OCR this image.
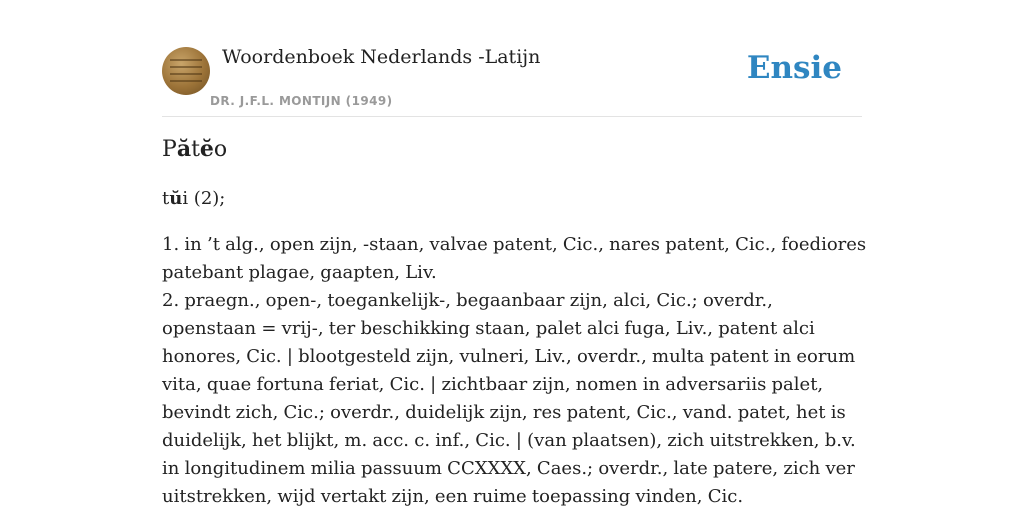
Woordenboek Nederlands -Latijn
DR. J.F.L. MONTIJN (1949)
Ensie
Pătĕo

tŭi (2);

1. in ’t alg., open zijn, -staan, valvae patent, Cic., nares patent, Cic., foediores patebant plagae, gaapten, Liv.
2. praegn., open-, toegankelijk-, begaanbaar zijn, alci, Cic.; overdr., openstaan = vrij-, ter beschikking staan, palet alci fuga, Liv., patent alci honores, Cic. | blootgesteld zijn, vulneri, Liv., overdr., multa patent in eorum vita, quae fortuna feriat, Cic. | zichtbaar zijn, nomen in adversariis palet, bevindt zich, Cic.; overdr., duidelijk zijn, res patent, Cic., vand. patet, het is duidelijk, het blijkt, m. acc. c. inf., Cic. | (van plaatsen), zich uitstrekken, b.v. in longitudinem milia passuum CCXXXX, Caes.; overdr., late patere, zich ver uitstrekken, wijd vertakt zijn, een ruime toepassing vinden, Cic.
